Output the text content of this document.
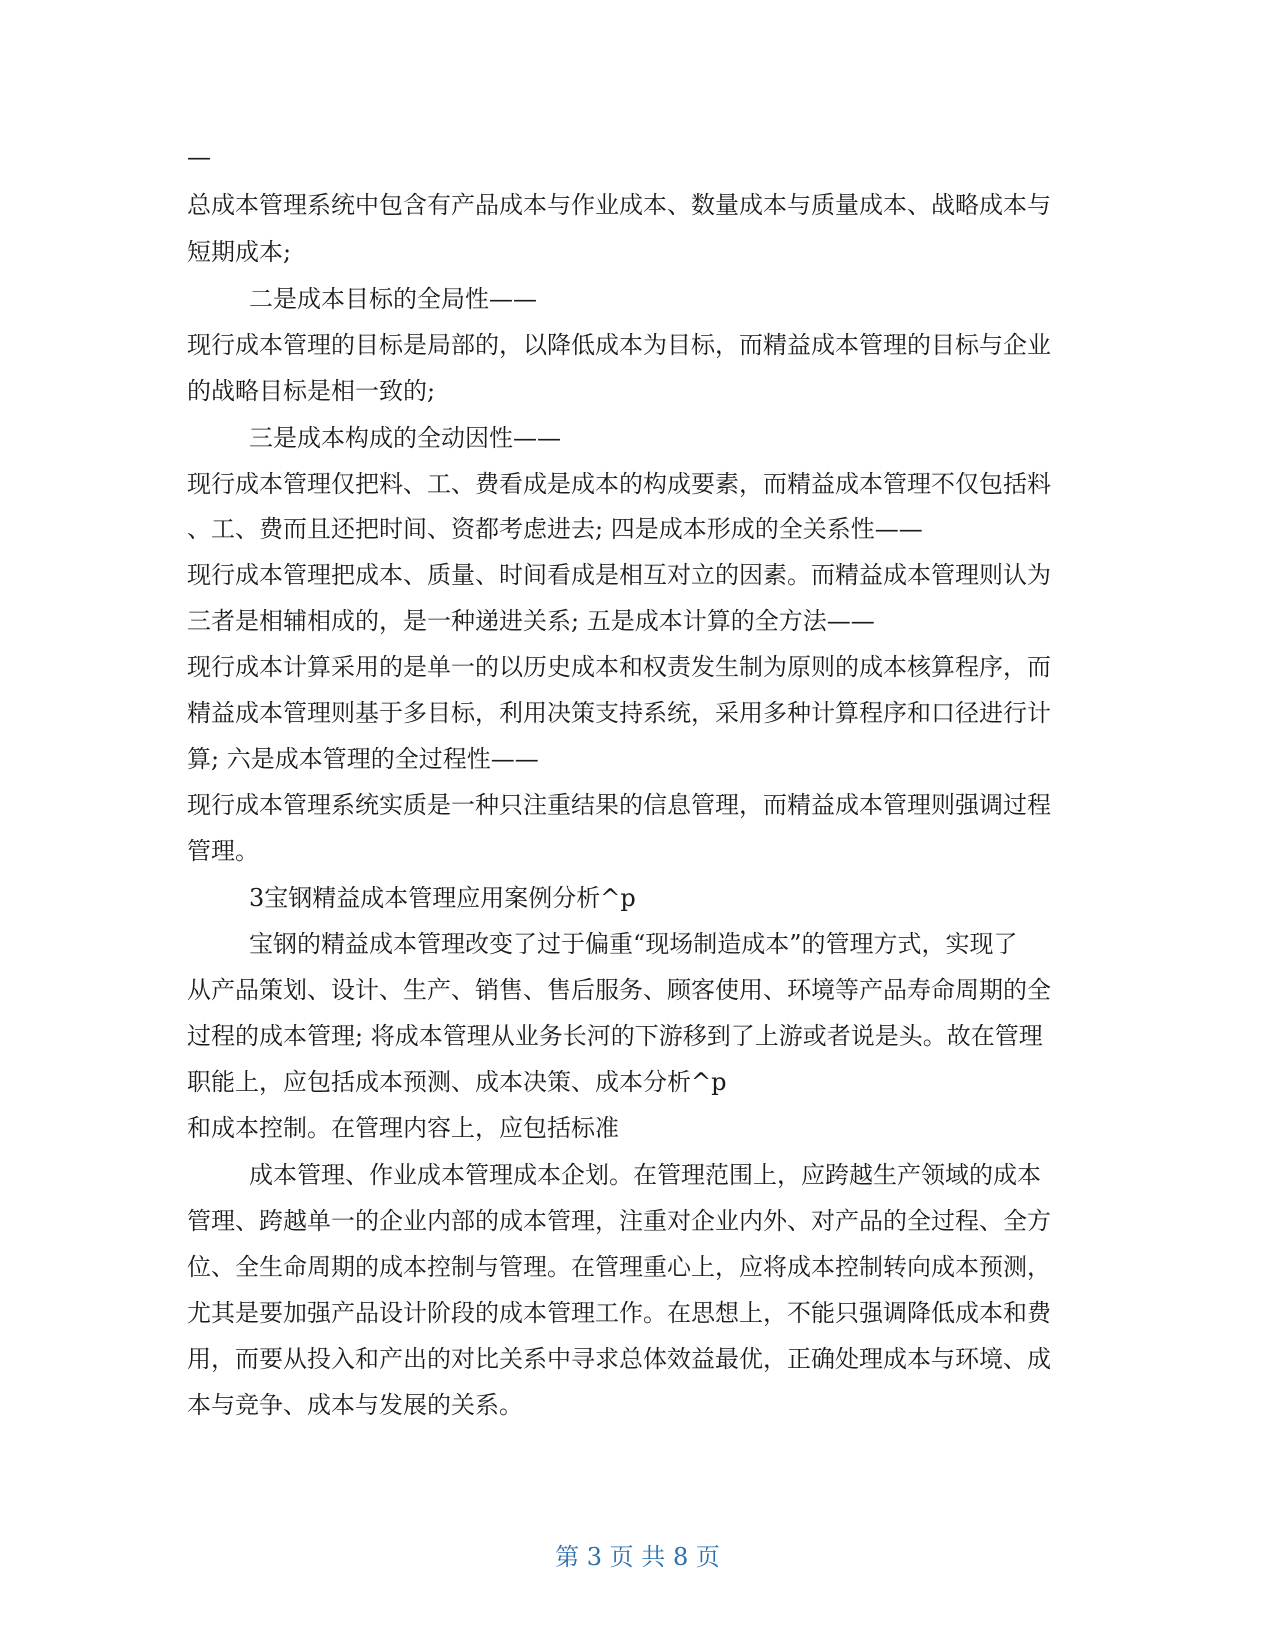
—
总成本管理系统中包含有产品成本与作业成本、数量成本与质量成本、战略成本与
短期成本;
二是成本目标的全局性——
现行成本管理的目标是局部的，以降低成本为目标，而精益成本管理的目标与企业
的战略目标是相一致的;
三是成本构成的全动因性——
现行成本管理仅把料、工、费看成是成本的构成要素，而精益成本管理不仅包括料
、工、费而且还把时间、资都考虑进去; 四是成本形成的全关系性——
现行成本管理把成本、质量、时间看成是相互对立的因素。而精益成本管理则认为
三者是相辅相成的，是一种递进关系; 五是成本计算的全方法——
现行成本计算采用的是单一的以历史成本和权责发生制为原则的成本核算程序，而
精益成本管理则基于多目标，利用决策支持系统，采用多种计算程序和口径进行计
算; 六是成本管理的全过程性——
现行成本管理系统实质是一种只注重结果的信息管理，而精益成本管理则强调过程
管理。
3宝钢精益成本管理应用案例分析^p
宝钢的精益成本管理改变了过于偏重“现场制造成本”的管理方式，实现了
从产品策划、设计、生产、销售、售后服务、顾客使用、环境等产品寿命周期的全
过程的成本管理; 将成本管理从业务长河的下游移到了上游或者说是头。故在管理
职能上，应包括成本预测、成本决策、成本分析^p
和成本控制。在管理内容上，应包括标准
成本管理、作业成本管理成本企划。在管理范围上，应跨越生产领域的成本
管理、跨越单一的企业内部的成本管理，注重对企业内外、对产品的全过程、全方
位、全生命周期的成本控制与管理。在管理重心上，应将成本控制转向成本预测，
尤其是要加强产品设计阶段的成本管理工作。在思想上，不能只强调降低成本和费
用，而要从投入和产出的对比关系中寻求总体效益最优，正确处理成本与环境、成
本与竞争、成本与发展的关系。
第 3 页 共 8 页
